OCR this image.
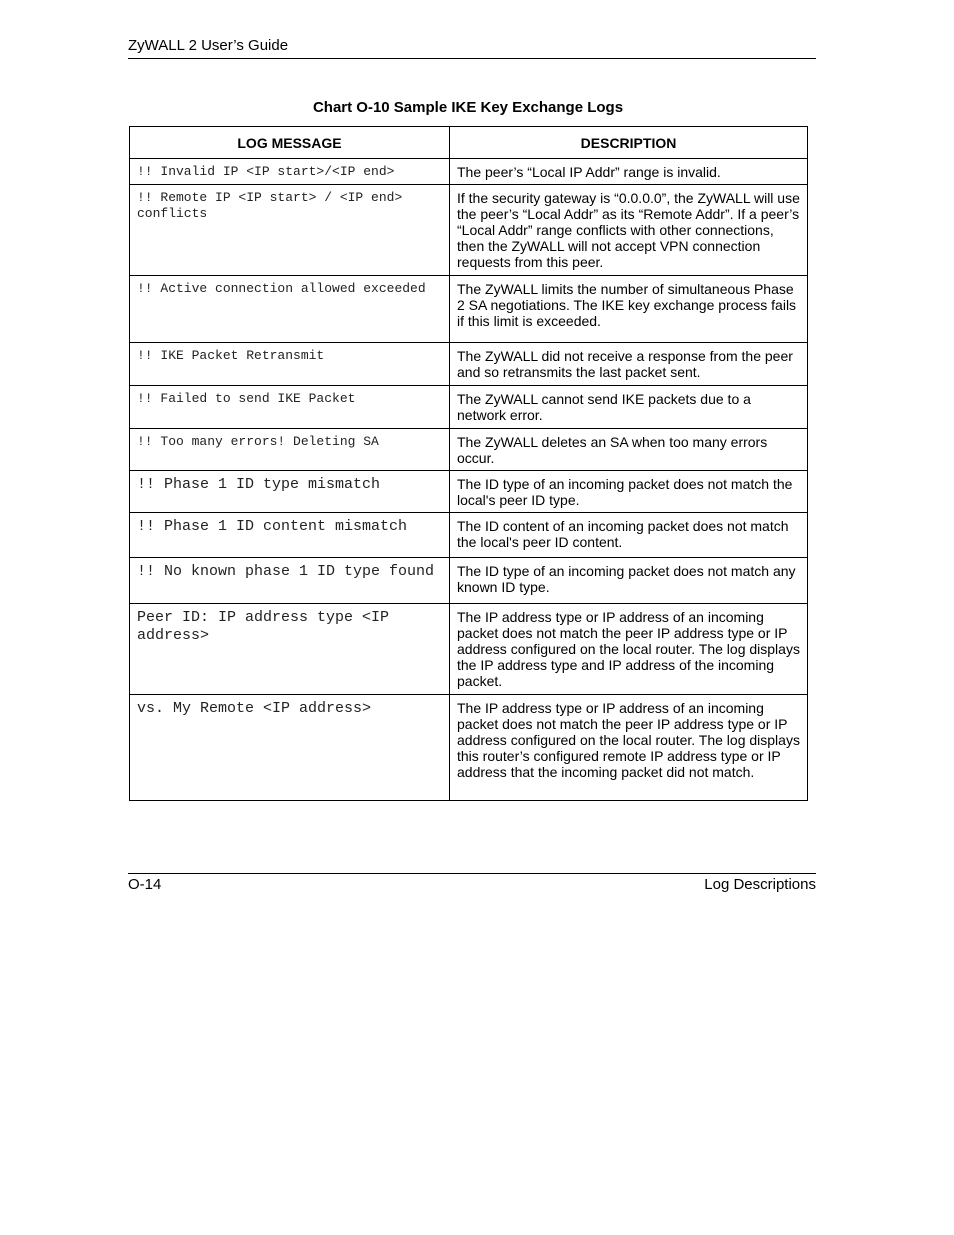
ZyWALL 2 User’s Guide
Chart O-10 Sample IKE Key Exchange Logs
LOG MESSAGE	DESCRIPTION
!! Invalid IP <IP start>/<IP end>	The peer’s “Local IP Addr” range is invalid.
!! Remote IP <IP start> / <IP end> conflicts	If the security gateway is “0.0.0.0”, the ZyWALL will use the peer’s “Local Addr” as its “Remote Addr”. If a peer’s “Local Addr” range conflicts with other connections, then the ZyWALL will not accept VPN connection requests from this peer.
!! Active connection allowed exceeded	The ZyWALL limits the number of simultaneous Phase 2 SA negotiations. The IKE key exchange process fails if this limit is exceeded.
!! IKE Packet Retransmit	The ZyWALL did not receive a response from the peer and so retransmits the last packet sent.
!! Failed to send IKE Packet	The ZyWALL cannot send IKE packets due to a network error.
!! Too many errors! Deleting SA	The ZyWALL deletes an SA when too many errors occur.
!! Phase 1 ID type mismatch	The ID type of an incoming packet does not match the local's peer ID type.
!! Phase 1 ID content mismatch	The ID content of an incoming packet does not match the local's peer ID content.
!! No known phase 1 ID type found	The ID type of an incoming packet does not match any known ID type.
Peer ID: IP address type <IP address>	The IP address type or IP address of an incoming packet does not match the peer IP address type or IP address configured on the local router. The log displays the IP address type and IP address of the incoming packet.
vs. My Remote <IP address>	The IP address type or IP address of an incoming packet does not match the peer IP address type or IP address configured on the local router. The log displays this router’s configured remote IP address type or IP address that the incoming packet did not match.
O-14	Log Descriptions
